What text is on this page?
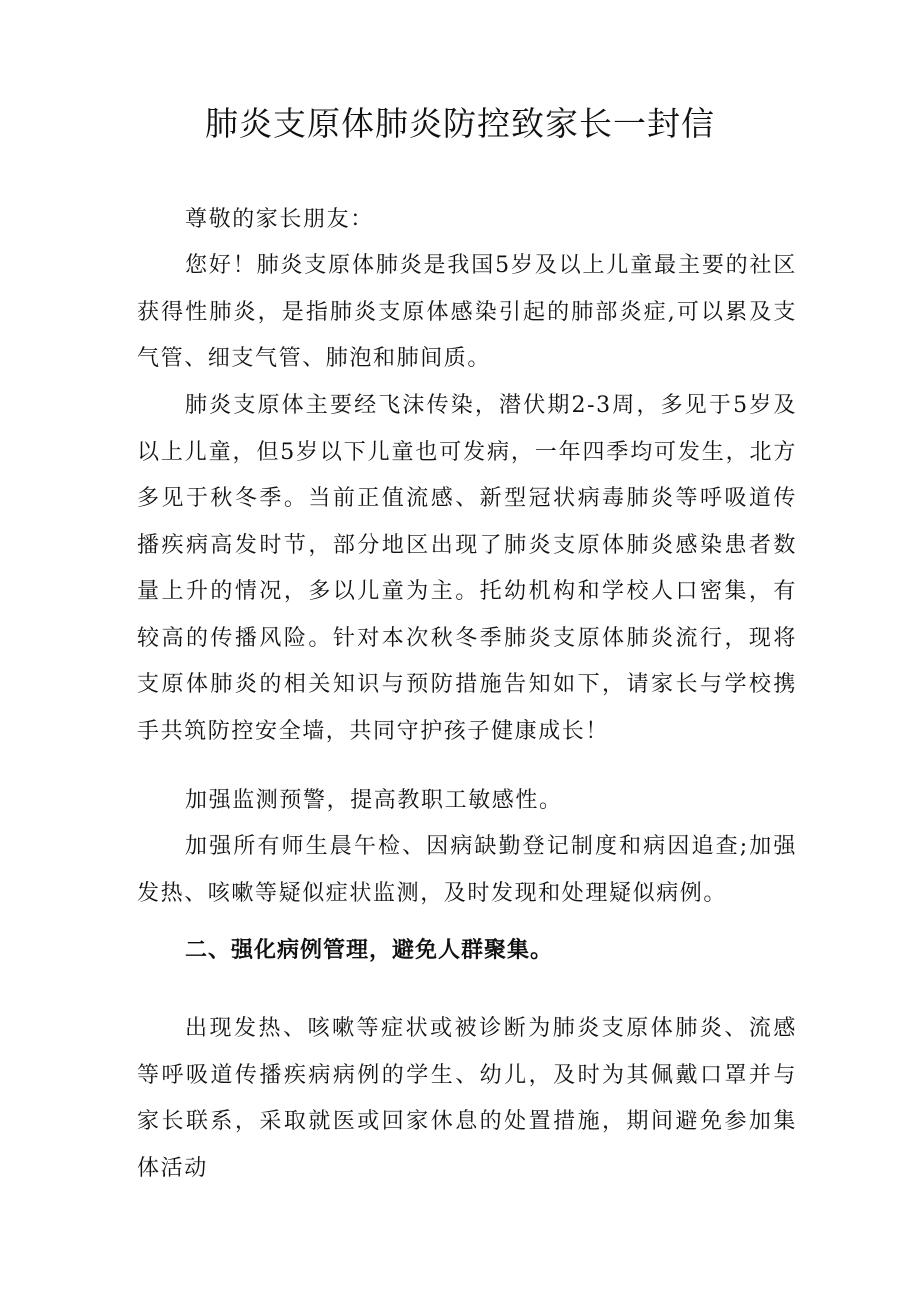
肺炎支原体肺炎防控致家长一封信

尊敬的家长朋友：

您好！肺炎支原体肺炎是我国5岁及以上儿童最主要的社区获得性肺炎，是指肺炎支原体感染引起的肺部炎症,可以累及支气管、细支气管、肺泡和肺间质。

肺炎支原体主要经飞沫传染，潜伏期2-3周，多见于5岁及以上儿童，但5岁以下儿童也可发病，一年四季均可发生，北方多见于秋冬季。当前正值流感、新型冠状病毒肺炎等呼吸道传播疾病高发时节，部分地区出现了肺炎支原体肺炎感染患者数量上升的情况，多以儿童为主。托幼机构和学校人口密集，有较高的传播风险。针对本次秋冬季肺炎支原体肺炎流行，现将支原体肺炎的相关知识与预防措施告知如下，请家长与学校携手共筑防控安全墙，共同守护孩子健康成长！

加强监测预警，提高教职工敏感性。

加强所有师生晨午检、因病缺勤登记制度和病因追查;加强发热、咳嗽等疑似症状监测，及时发现和处理疑似病例。

二、强化病例管理，避免人群聚集。

出现发热、咳嗽等症状或被诊断为肺炎支原体肺炎、流感等呼吸道传播疾病病例的学生、幼儿，及时为其佩戴口罩并与家长联系，采取就医或回家休息的处置措施，期间避免参加集体活动
